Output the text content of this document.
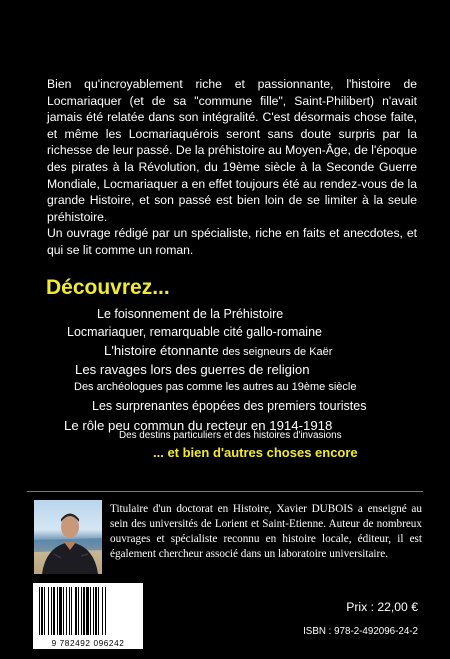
Bien qu'incroyablement riche et passionnante, l'histoire de Locmariaquer (et de sa "commune fille", Saint-Philibert) n'avait jamais été relatée dans son intégralité. C'est désormais chose faite, et même les Locmariaquérois seront sans doute surpris par la richesse de leur passé. De la préhistoire au Moyen-Âge, de l'époque des pirates à la Révolution, du 19ème siècle à la Seconde Guerre Mondiale, Locmariaquer a en effet toujours été au rendez-vous de la grande Histoire, et son passé est bien loin de se limiter à la seule préhistoire.

Un ouvrage rédigé par un spécialiste, riche en faits et anecdotes, et qui se lit comme un roman.

Découvrez...
Le foisonnement de la Préhistoire
Locmariaquer, remarquable cité gallo-romaine
L'histoire étonnante des seigneurs de Kaër
Les ravages lors des guerres de religion
Des archéologues pas comme les autres au 19ème siècle
Les surprenantes épopées des premiers touristes
Le rôle peu commun du recteur en 1914-1918
Des destins particuliers et des histoires d'invasions
... et bien d'autres choses encore
Titulaire d'un doctorat en Histoire, Xavier DUBOIS a enseigné au sein des universités de Lorient et Saint-Etienne. Auteur de nombreux ouvrages et spécialiste reconnu en histoire locale, éditeur, il est également chercheur associé dans un laboratoire universitaire.
9 782492 096242
Prix : 22,00 €
ISBN : 978-2-492096-24-2
